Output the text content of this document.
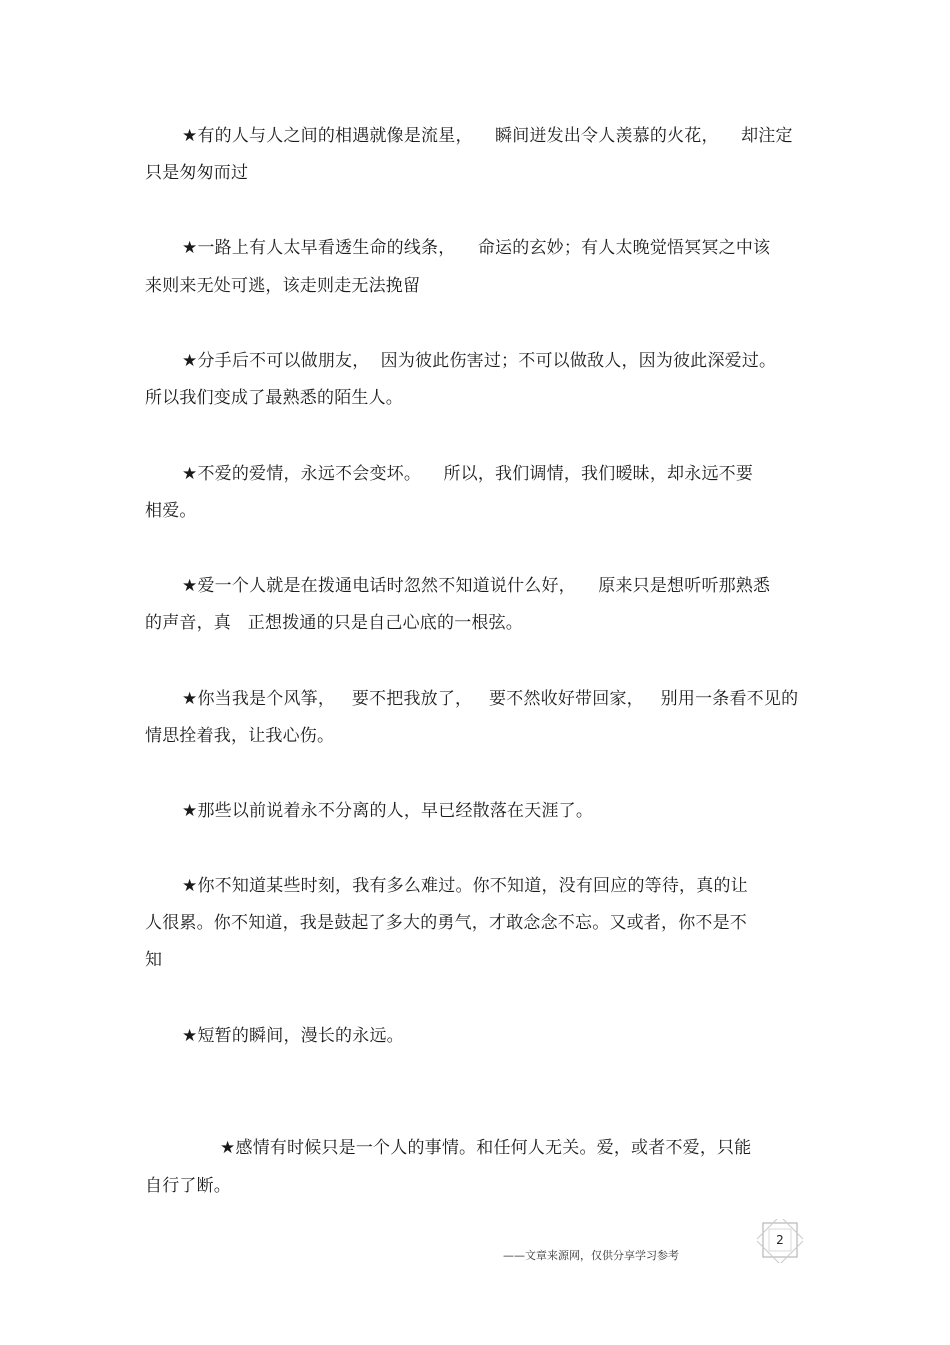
★有的人与人之间的相遇就像是流星，    瞬间迸发出令人羡慕的火花，    却注定
只是匆匆而过
★一路上有人太早看透生命的线条，    命运的玄妙；有人太晚觉悟冥冥之中该
来则来无处可逃，该走则走无法挽留
★分手后不可以做朋友，  因为彼此伤害过；不可以做敌人，因为彼此深爱过。
所以我们变成了最熟悉的陌生人。
★不爱的爱情，永远不会变坏。    所以，我们调情，我们暧昧，却永远不要
相爱。
★爱一个人就是在拨通电话时忽然不知道说什么好，    原来只是想听听那熟悉
的声音，真   正想拨通的只是自己心底的一根弦。
★你当我是个风筝，   要不把我放了，   要不然收好带回家，   别用一条看不见的
情思拴着我，让我心伤。
★那些以前说着永不分离的人，早已经散落在天涯了。
★你不知道某些时刻，我有多么难过。你不知道，没有回应的等待，真的让
人很累。你不知道，我是鼓起了多大的勇气，才敢念念不忘。又或者，你不是不
知
★短暂的瞬间，漫长的永远。
★感情有时候只是一个人的事情。和任何人无关。爱，或者不爱，只能
自行了断。
——文章来源网，仅供分享学习参考
2
